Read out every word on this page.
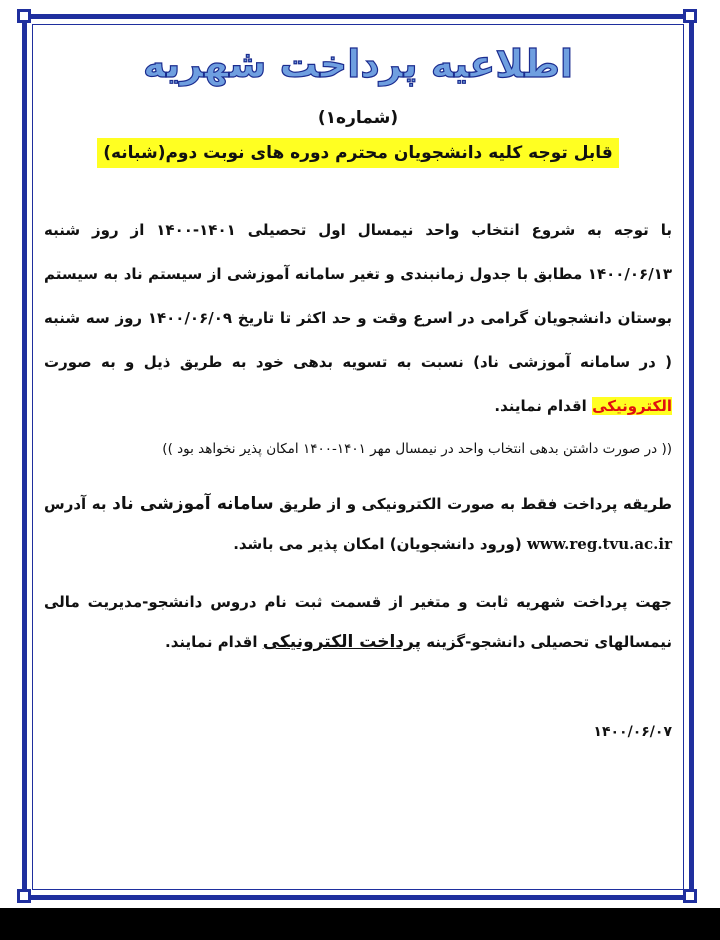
اطلاعیه پرداخت شهریه
(شماره۱)
قابل توجه کلیه دانشجویان محترم دوره های نوبت دوم(شبانه)
با توجه به شروع انتخاب واحد نیمسال اول تحصیلی ۱۴۰۱-۱۴۰۰ از روز شنبه ۱۴۰۰/۰۶/۱۳ مطابق با جدول زمانبندی و تغیر سامانه آموزشی از سیستم ناد به سیستم بوستان دانشجویان گرامی در اسرع وقت و حد اکثر تا تاریخ ۱۴۰۰/۰۶/۰۹ روز سه شنبه ( در سامانه آموزشی ناد) نسبت به تسویه بدهی خود به طریق ذیل و به صورت الکترونیکی اقدام نمایند.
(( در صورت داشتن بدهی انتخاب واحد در نیمسال مهر ۱۴۰۱-۱۴۰۰ امکان پذیر نخواهد بود ))
طریقه پرداخت فقط به صورت الکترونیکی و از طریق سامانه آموزشی ناد به آدرس www.reg.tvu.ac.ir (ورود دانشجویان) امکان پذیر می باشد.
جهت پرداخت شهریه ثابت و متغیر از قسمت ثبت نام دروس دانشجو-مدیریت مالی نیمسالهای تحصیلی دانشجو-گزینه پرداخت الکترونیکی اقدام نمایند.
۱۴۰۰/۰۶/۰۷
